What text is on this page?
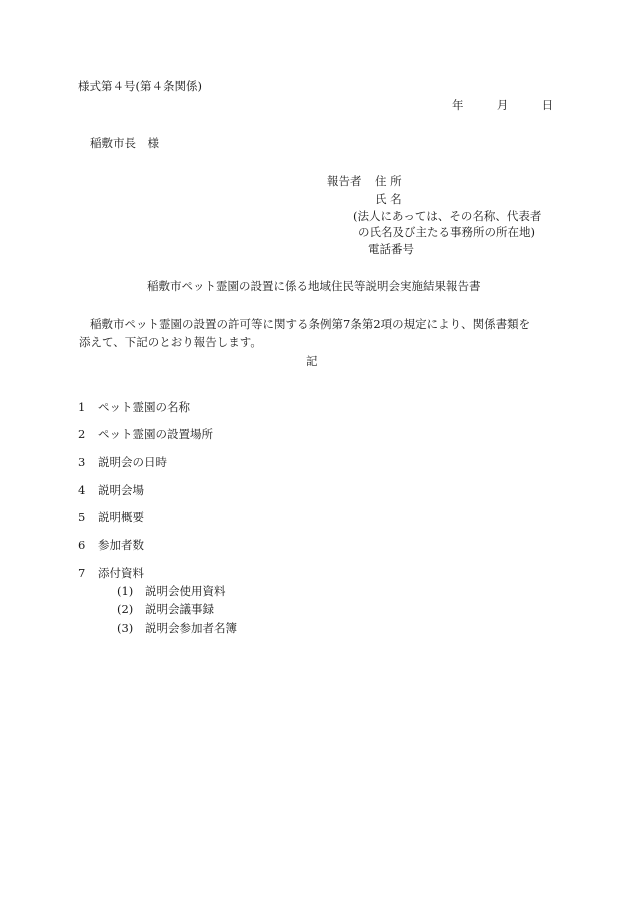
様式第４号(第４条関係)
年	月	日
稲敷市長　様
報告者 住 所
氏 名
(法人にあっては、その名称、代表者
の氏名及び主たる事務所の所在地)
電話番号
稲敷市ペット霊園の設置に係る地域住民等説明会実施結果報告書
稲敷市ペット霊園の設置の許可等に関する条例第7条第2項の規定により、関係書類を
添えて、下記のとおり報告します。
記
1 ペット霊園の名称
2 ペット霊園の設置場所
3 説明会の日時
4 説明会場
5 説明概要
6 参加者数
7 添付資料
(1) 説明会使用資料
(2) 説明会議事録
(3) 説明会参加者名簿
